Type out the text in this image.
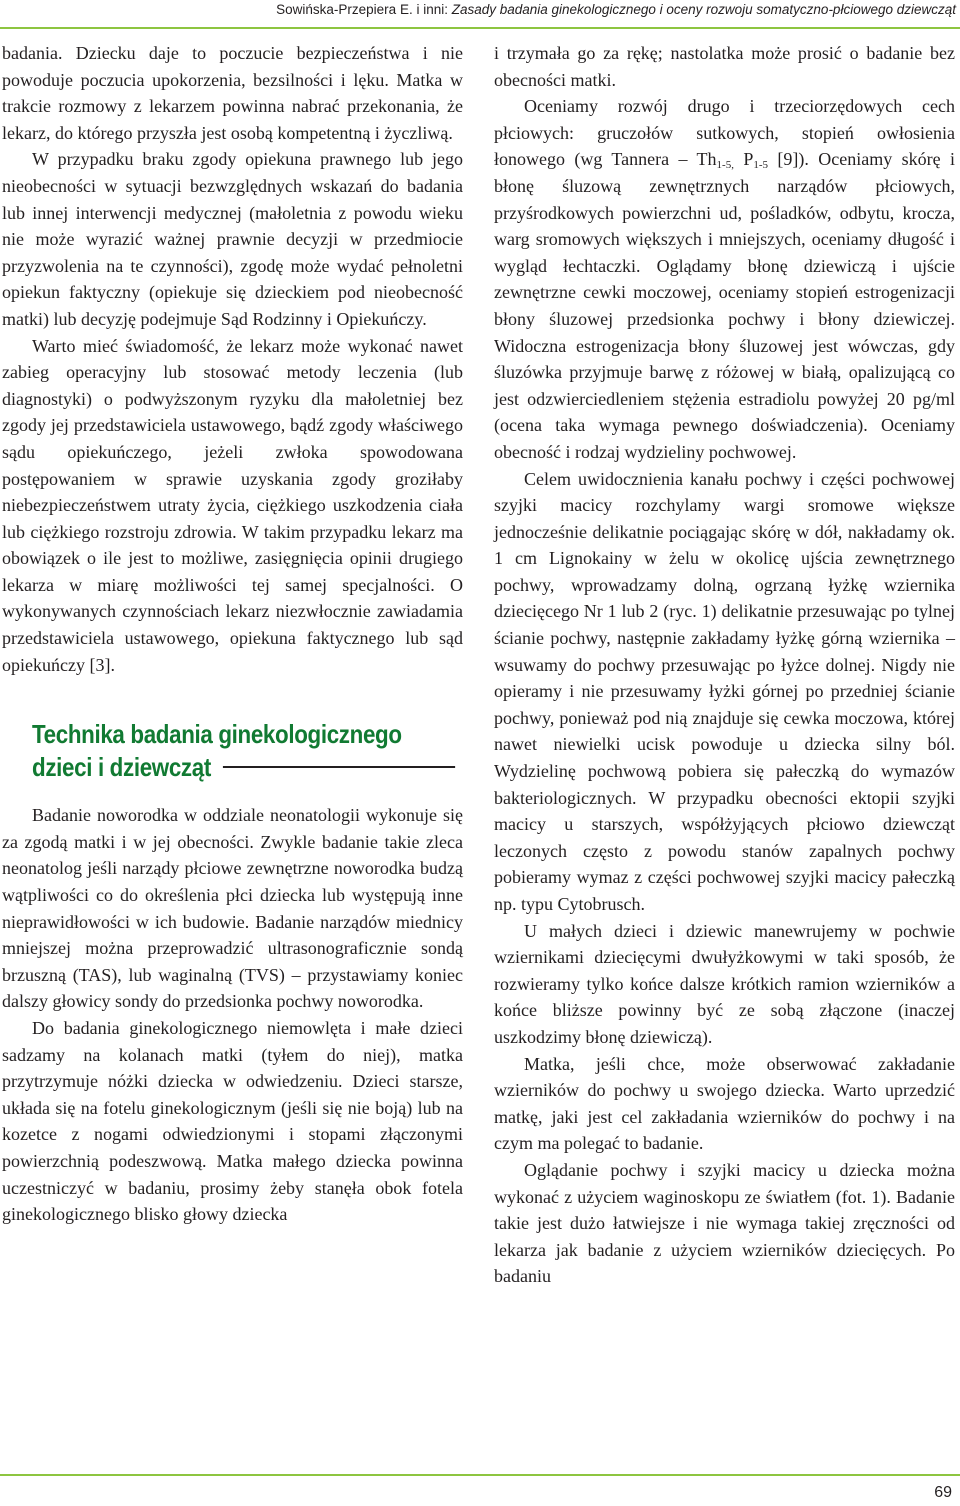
Sowińska-Przepiera E. i inni: Zasady badania ginekologicznego i oceny rozwoju somatyczno-płciowego dziewcząt

badania. Dziecku daje to poczucie bezpieczeństwa i nie powoduje poczucia upokorzenia, bezsilności i lęku. Matka w trakcie rozmowy z lekarzem powinna nabrać przekonania, że lekarz, do którego przyszła jest osobą kompetentną i życzliwą.

W przypadku braku zgody opiekuna prawnego lub jego nieobecności w sytuacji bezwzględnych wskazań do badania lub innej interwencji medycznej (małoletnia z powodu wieku nie może wyrazić ważnej prawnie decyzji w przedmiocie przyzwolenia na te czynności), zgodę może wydać pełnoletni opiekun faktyczny (opiekuje się dzieckiem pod nieobecność matki) lub decyzję podejmuje Sąd Rodzinny i Opiekuńczy.

Warto mieć świadomość, że lekarz może wykonać nawet zabieg operacyjny lub stosować metody leczenia (lub diagnostyki) o podwyższonym ryzyku dla małoletniej bez zgody jej przedstawiciela ustawowego, bądź zgody właściwego sądu opiekuńczego, jeżeli zwłoka spowodowana postępowaniem w sprawie uzyskania zgody groziłaby niebezpieczeństwem utraty życia, ciężkiego uszkodzenia ciała lub ciężkiego rozstroju zdrowia. W takim przypadku lekarz ma obowiązek o ile jest to możliwe, zasięgnięcia opinii drugiego lekarza w miarę możliwości tej samej specjalności. O wykonywanych czynnościach lekarz niezwłocznie zawiadamia przedstawiciela ustawowego, opiekuna faktycznego lub sąd opiekuńczy [3].

Technika badania ginekologicznego
dzieci i dziewcząt

Badanie noworodka w oddziale neonatologii wykonuje się za zgodą matki i w jej obecności. Zwykle badanie takie zleca neonatolog jeśli narządy płciowe zewnętrzne noworodka budzą wątpliwości co do określenia płci dziecka lub występują inne nieprawidłowości w ich budowie. Badanie narządów miednicy mniejszej można przeprowadzić ultrasonograficznie sondą brzuszną (TAS), lub waginalną (TVS) – przystawiamy koniec dalszy głowicy sondy do przedsionka pochwy noworodka.

Do badania ginekologicznego niemowlęta i małe dzieci sadzamy na kolanach matki (tyłem do niej), matka przytrzymuje nóżki dziecka w odwiedzeniu. Dzieci starsze, układa się na fotelu ginekologicznym (jeśli się nie boją) lub na kozetce z nogami odwiedzionymi i stopami złączonymi powierzchnią podeszwową. Matka małego dziecka powinna uczestniczyć w badaniu, prosimy żeby stanęła obok fotela ginekologicznego blisko głowy dziecka

i trzymała go za rękę; nastolatka może prosić o badanie bez obecności matki.

Oceniamy rozwój drugo i trzeciorzędowych cech płciowych: gruczołów sutkowych, stopień owłosienia łonowego (wg Tannera – $Th_{1-5,}$ $P_{1-5}$ [9]). Oceniamy skórę i błonę śluzową zewnętrznych narządów płciowych, przyśrodkowych powierzchni ud, pośladków, odbytu, krocza, warg sromowych większych i mniejszych, oceniamy długość i wygląd łechtaczki. Oglądamy błonę dziewiczą i ujście zewnętrzne cewki moczowej, oceniamy stopień estrogenizacji błony śluzowej przedsionka pochwy i błony dziewiczej. Widoczna estrogenizacja błony śluzowej jest wówczas, gdy śluzówka przyjmuje barwę z różowej w białą, opalizującą co jest odzwierciedleniem stężenia estradiolu powyżej 20 pg/ml (ocena taka wymaga pewnego doświadczenia). Oceniamy obecność i rodzaj wydzieliny pochwowej.

Celem uwidocznienia kanału pochwy i części pochwowej szyjki macicy rozchylamy wargi sromowe większe jednocześnie delikatnie pociągając skórę w dół, nakładamy ok. 1 cm Lignokainy w żelu w okolicę ujścia zewnętrznego pochwy, wprowadzamy dolną, ogrzaną łyżkę wziernika dziecięcego Nr 1 lub 2 (ryc. 1) delikatnie przesuwając po tylnej ścianie pochwy, następnie zakładamy łyżkę górną wziernika – wsuwamy do pochwy przesuwając po łyżce dolnej. Nigdy nie opieramy i nie przesuwamy łyżki górnej po przedniej ścianie pochwy, ponieważ pod nią znajduje się cewka moczowa, której nawet niewielki ucisk powoduje u dziecka silny ból. Wydzielinę pochwową pobiera się pałeczką do wymazów bakteriologicznych. W przypadku obecności ektopii szyjki macicy u starszych, współżyjących płciowo dziewcząt leczonych często z powodu stanów zapalnych pochwy pobieramy wymaz z części pochwowej szyjki macicy pałeczką np. typu Cytobrusch.

U małych dzieci i dziewic manewrujemy w pochwie wziernikami dziecięcymi dwułyżkowymi w taki sposób, że rozwieramy tylko końce dalsze krótkich ramion wzierników a końce bliższe powinny być ze sobą złączone (inaczej uszkodzimy błonę dziewiczą).

Matka, jeśli chce, może obserwować zakładanie wzierników do pochwy u swojego dziecka. Warto uprzedzić matkę, jaki jest cel zakładania wzierników do pochwy i na czym ma polegać to badanie.

Oglądanie pochwy i szyjki macicy u dziecka można wykonać z użyciem waginoskopu ze światłem (fot. 1). Badanie takie jest dużo łatwiejsze i nie wymaga takiej zręczności od lekarza jak badanie z użyciem wzierników dziecięcych. Po badaniu

69
